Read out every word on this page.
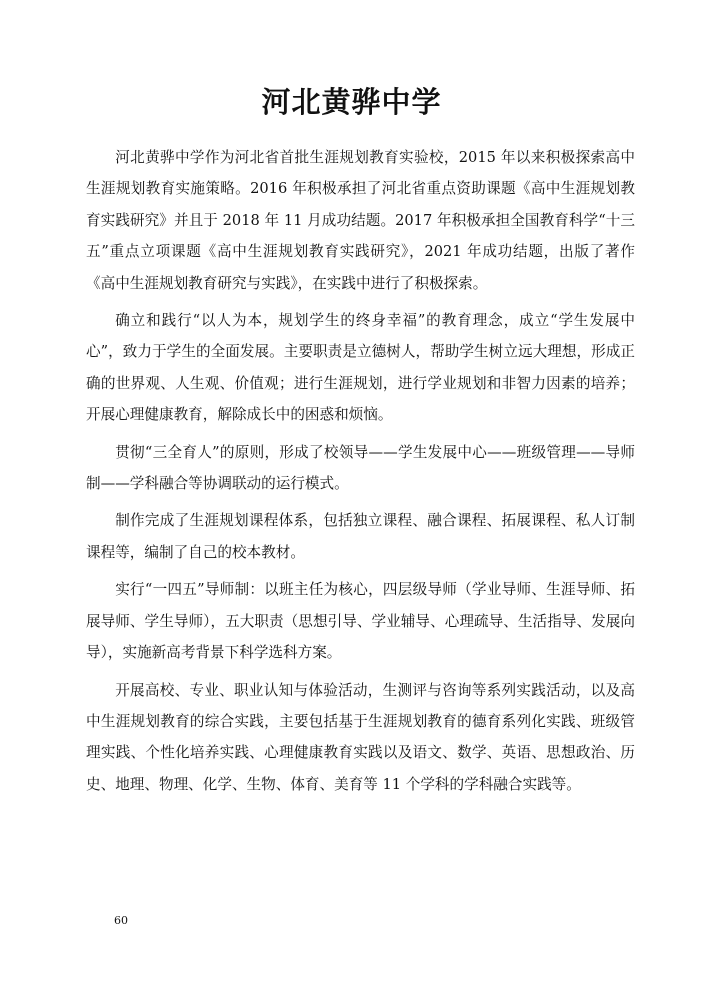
河北黄骅中学

河北黄骅中学作为河北省首批生涯规划教育实验校，2015 年以来积极探索高中生涯规划教育实施策略。2016 年积极承担了河北省重点资助课题《高中生涯规划教育实践研究》并且于 2018 年 11 月成功结题。2017 年积极承担全国教育科学“十三五”重点立项课题《高中生涯规划教育实践研究》，2021 年成功结题，出版了著作《高中生涯规划教育研究与实践》，在实践中进行了积极探索。

确立和践行“以人为本，规划学生的终身幸福”的教育理念，成立“学生发展中心”，致力于学生的全面发展。主要职责是立德树人，帮助学生树立远大理想，形成正确的世界观、人生观、价值观；进行生涯规划，进行学业规划和非智力因素的培养；开展心理健康教育，解除成长中的困惑和烦恼。

贯彻“三全育人”的原则，形成了校领导——学生发展中心——班级管理——导师制——学科融合等协调联动的运行模式。

制作完成了生涯规划课程体系，包括独立课程、融合课程、拓展课程、私人订制课程等，编制了自己的校本教材。

实行“一四五”导师制：以班主任为核心，四层级导师（学业导师、生涯导师、拓展导师、学生导师），五大职责（思想引导、学业辅导、心理疏导、生活指导、发展向导），实施新高考背景下科学选科方案。

开展高校、专业、职业认知与体验活动，生测评与咨询等系列实践活动，以及高中生涯规划教育的综合实践，主要包括基于生涯规划教育的德育系列化实践、班级管理实践、个性化培养实践、心理健康教育实践以及语文、数学、英语、思想政治、历史、地理、物理、化学、生物、体育、美育等 11 个学科的学科融合实践等。

60
